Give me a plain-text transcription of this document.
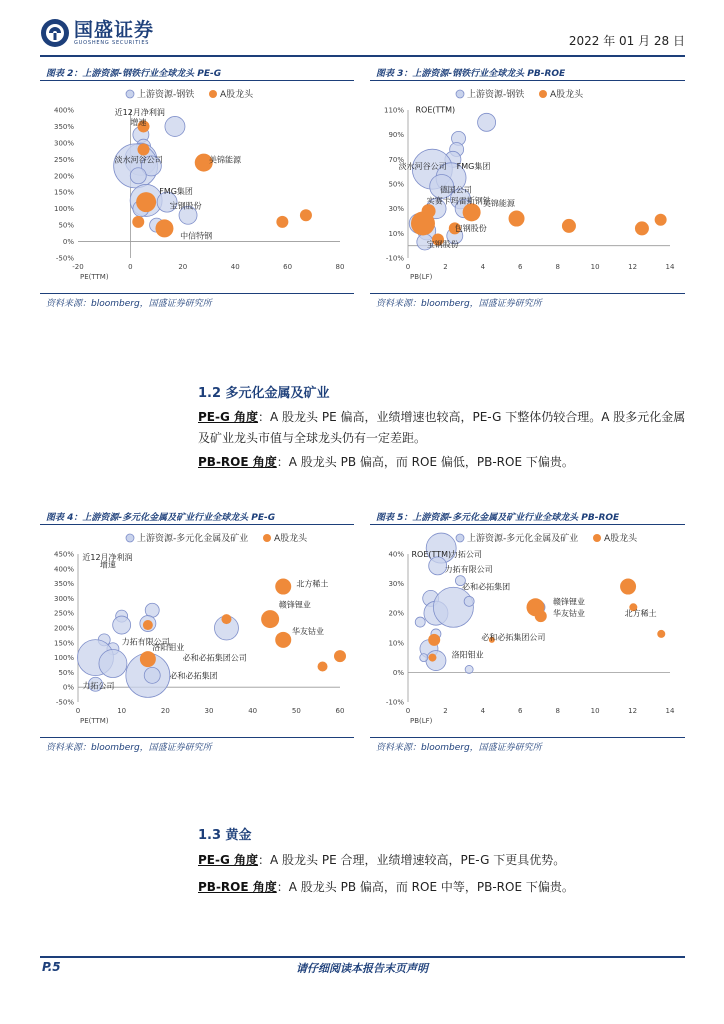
国盛证券
GUOSHENG SECURITIES	2022 年 01 月 28 日
图表 2：上游资源-钢铁行业全球龙头 PE-G
上游资源-钢铁	A股龙头
-50%
0%
50%
100%
150%
200%
250%
300%
350%
400%
-20	0	20	40	60	80
PE(TTM)
近12月净利润
增速
淡水河谷公司	美锦能源
FMG集团
宝钢股份
中信特钢
资料来源：bloomberg，国盛证券研究所
图表 3：上游资源-钢铁行业全球龙头 PB-ROE
上游资源-钢铁	A股龙头
-10%
10%
30%
50%
70%
90%
110%
0	2	4	6	8	10	12	14
PB(LF)
ROE(TTM)
淡水河谷公司 FMG集团
德国公司
实赛卡玛雷斯钢铁
美锦能源
包钢股份
宝钢股份
资料来源：bloomberg，国盛证券研究所
1.2 多元化金属及矿业
PE-G 角度：A 股龙头 PE 偏高，业绩增速也较高，PE-G 下整体仍较合理。A 股多元化金属及矿业龙头市值与全球龙头仍有一定差距。
PB-ROE 角度：A 股龙头 PB 偏高，而 ROE 偏低，PB-ROE 下偏贵。
图表 4：上游资源-多元化金属及矿业行业全球龙头 PE-G
上游资源-多元化金属及矿业	A股龙头
-50%
0%
50%
100%
150%
200%
250%
300%
350%
400%
450%
0	10	20	30	40	50	60
PE(TTM)
近12月净利润
增速
赣锋锂业
华友钴业
力拓有限公司
洛阳钼业
必和必拓集团公司
必和必拓集团
力拓公司
北方稀土
资料来源：bloomberg，国盛证券研究所
图表 5：上游资源-多元化金属及矿业行业全球龙头 PB-ROE
上游资源-多元化金属及矿业	A股龙头
-10%
0%
10%
20%
30%
40%
0	2	4	6	8	10	12	14
PB(LF)
ROE(TTM)
力拓公司
力拓有限公司
必和必拓集团
赣锋锂业
华友钴业	北方稀土
必和必拓集团公司
洛阳钼业
资料来源：bloomberg，国盛证券研究所
1.3 黄金
PE-G 角度：A 股龙头 PE 合理，业绩增速较高，PE-G 下更具优势。
PB-ROE 角度：A 股龙头 PB 偏高，而 ROE 中等，PB-ROE 下偏贵。
P.5	请仔细阅读本报告末页声明
